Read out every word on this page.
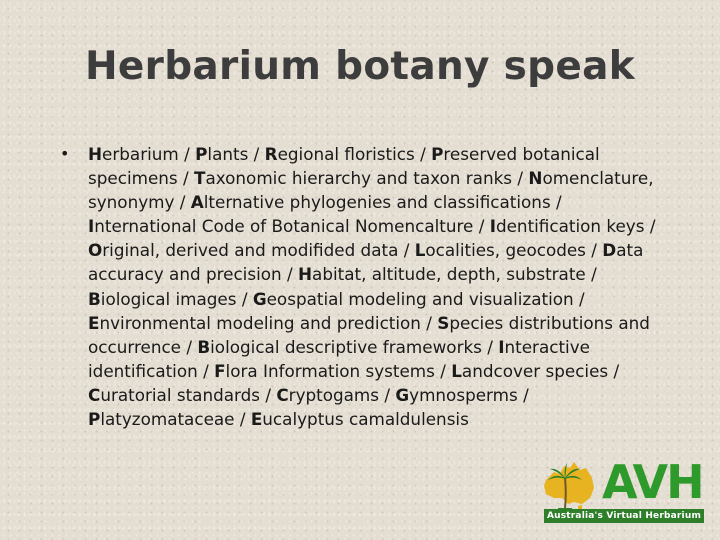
Herbarium botany speak
• Herbarium / Plants / Regional floristics / Preserved botanical specimens / Taxonomic hierarchy and taxon ranks / Nomenclature, synonymy / Alternative phylogenies and classifications / International Code of Botanical Nomencalture / Identification keys / Original, derived and modifided data / Localities, geocodes / Data accuracy and precision / Habitat, altitude, depth, substrate / Biological images / Geospatial modeling and visualization / Environmental modeling and prediction / Species distributions and occurrence / Biological descriptive frameworks / Interactive identification / Flora Information systems / Landcover species / Curatorial standards / Cryptogams / Gymnosperms / Platyzomataceae / Eucalyptus camaldulensis
AVH
Australia's Virtual Herbarium
